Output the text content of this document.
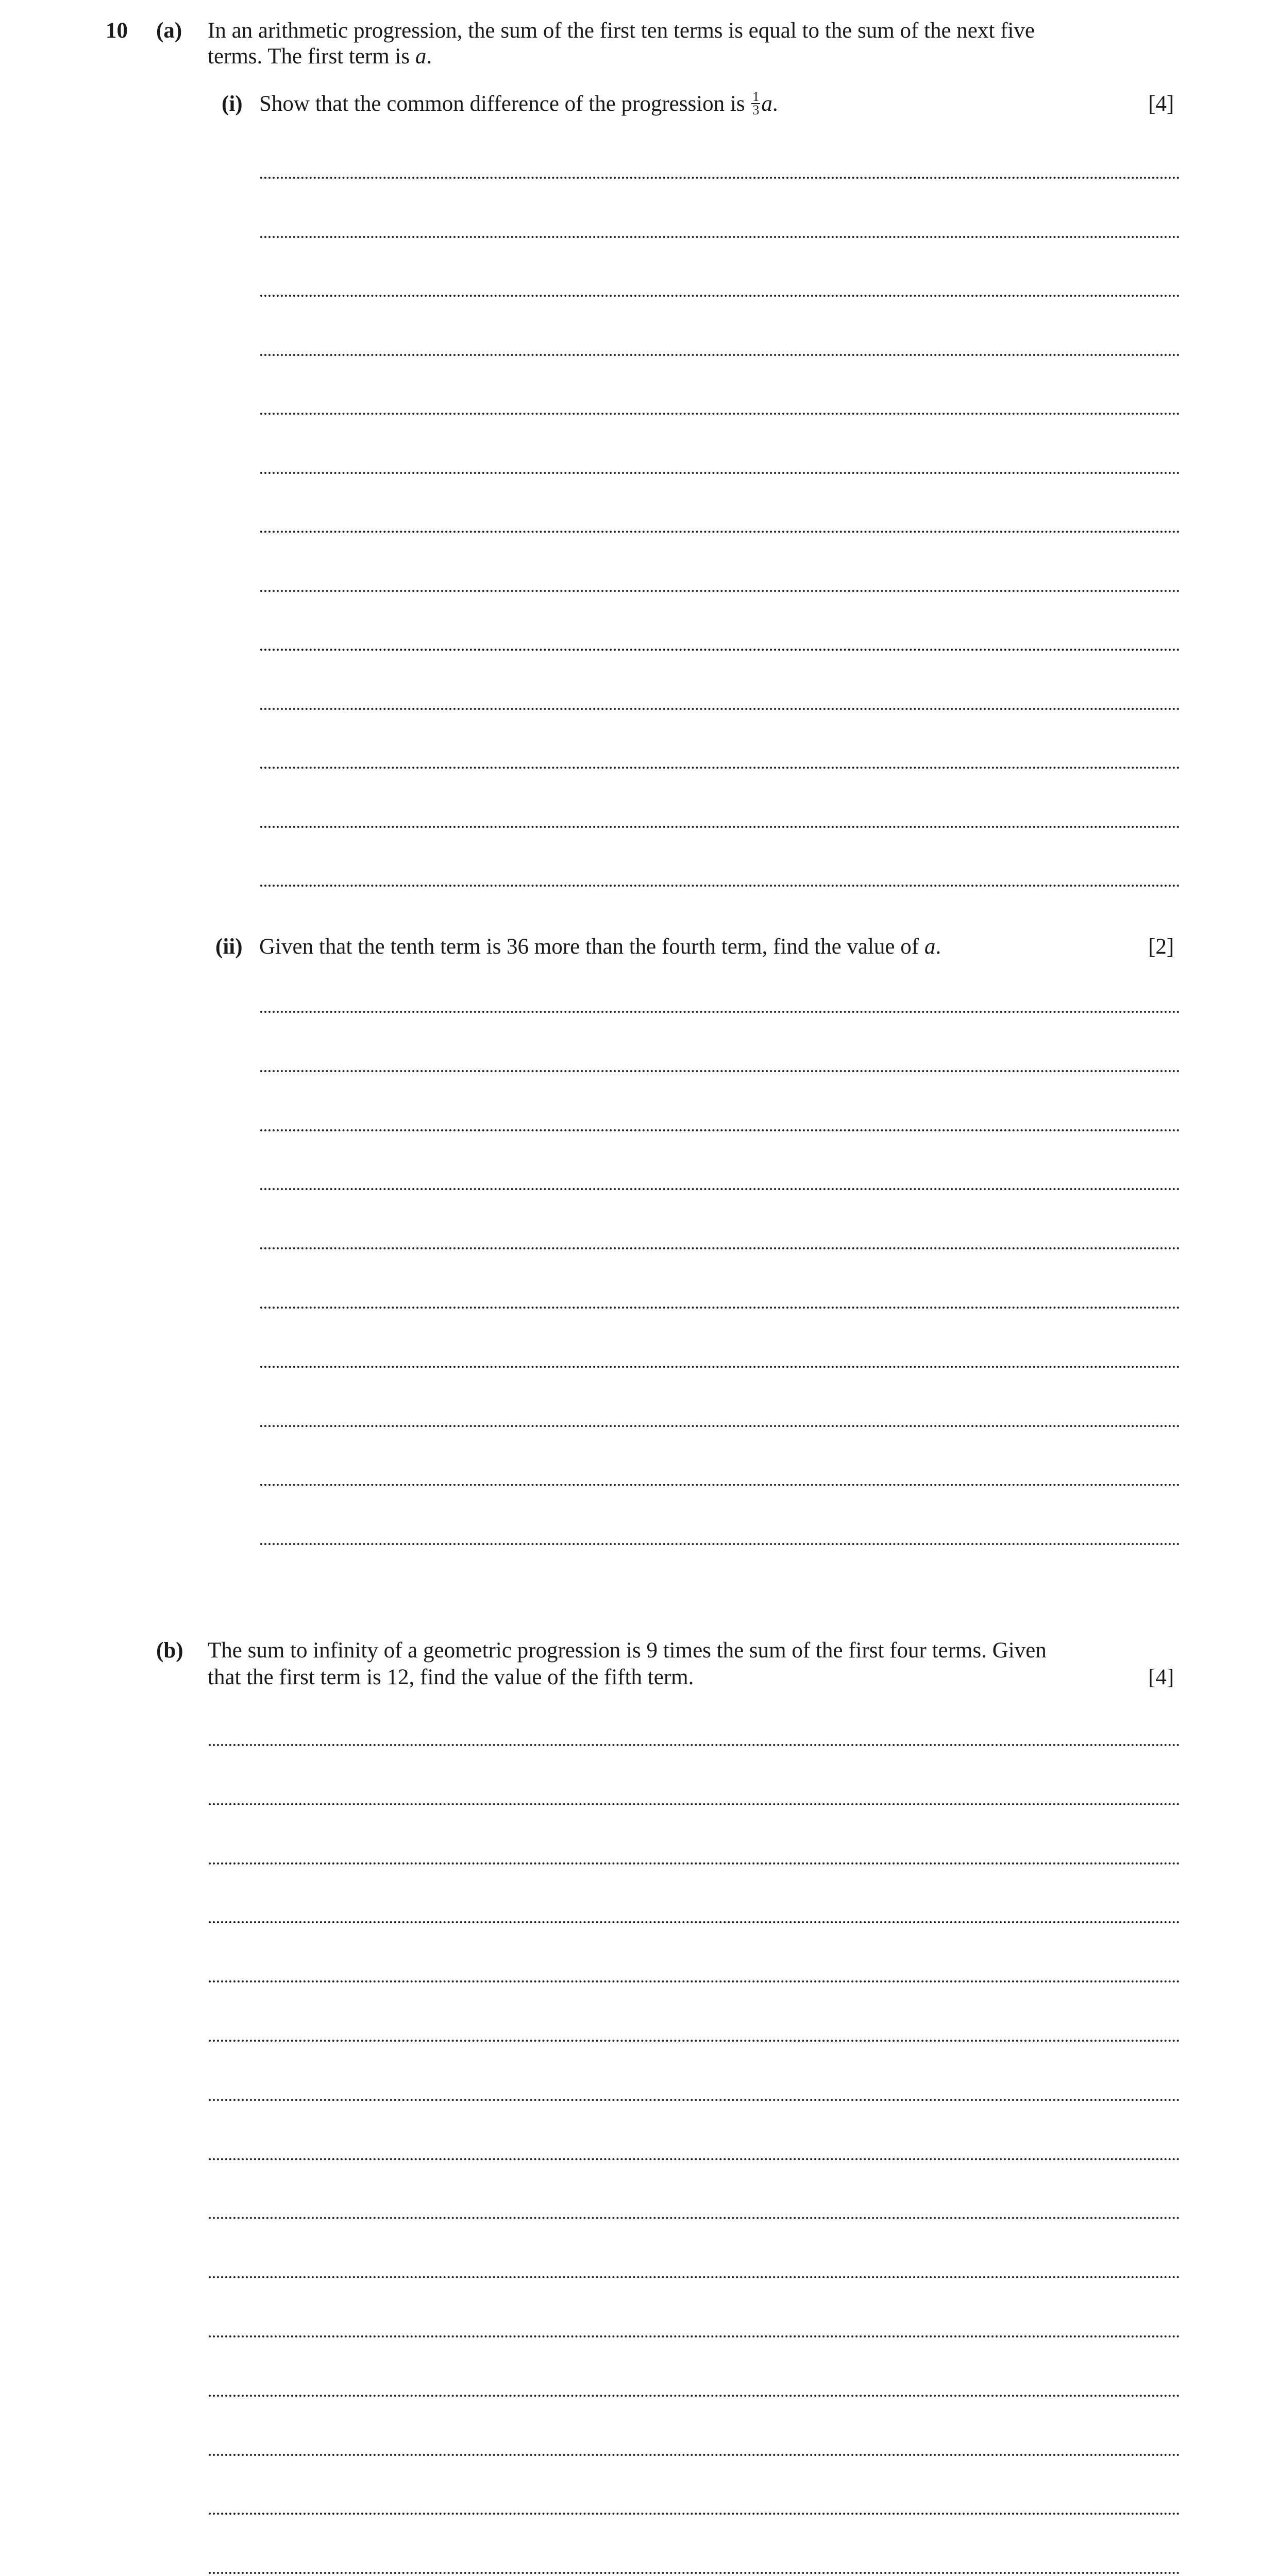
10 (a) In an arithmetic progression, the sum of the first ten terms is equal to the sum of the next five
terms. The first term is a.
(i) Show that the common difference of the progression is $\frac{1}{3} a$.	[4]
(ii) Given that the tenth term is 36 more than the fourth term, find the value of a.	[2]
(b) The sum to infinity of a geometric progression is 9 times the sum of the first four terms. Given
that the first term is 12, find the value of the fifth term.	[4]
